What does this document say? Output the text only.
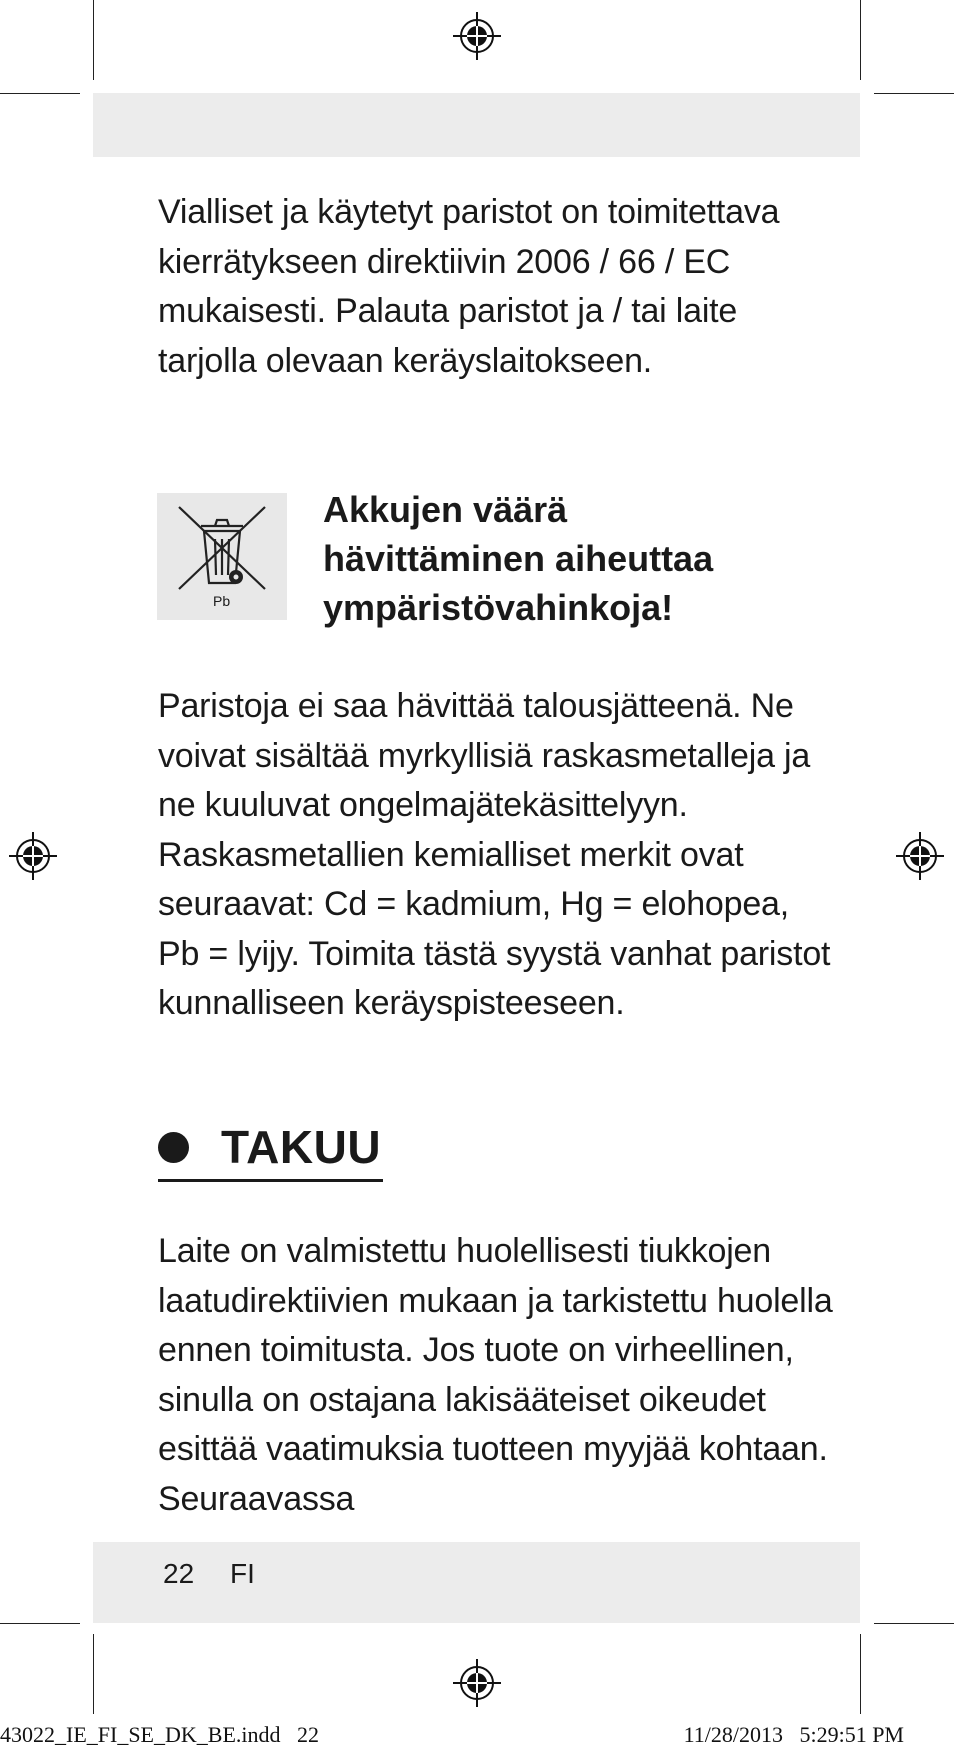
Vialliset ja käytetyt paristot on toimitettava kierrätykseen direktiivin 2006 / 66 / EC mukaisesti. Palauta paristot ja / tai laite tarjolla olevaan keräyslaitokseen.

Pb
Akkujen väärä
hävittäminen aiheuttaa
ympäristövahinkoja!

Paristoja ei saa hävittää talousjätteenä. Ne voivat sisältää myrkyllisiä raskasmetalleja ja ne kuuluvat ongelmajätekäsittelyyn. Raskasmetallien kemialliset merkit ovat seuraavat: Cd = kadmium, Hg = elohopea, Pb = lyijy. Toimita tästä syystä vanhat paristot kunnalliseen keräyspisteeseen.

TAKUU

Laite on valmistettu huolellisesti tiukkojen laatudirektiivien mukaan ja tarkistettu huolella ennen toimitusta. Jos tuote on virheellinen, sinulla on ostajana lakisääteiset oikeudet esittää vaatimuksia tuotteen myyjää kohtaan. Seuraavassa

22 FI
43022_IE_FI_SE_DK_BE.indd   22	11/28/2013   5:29:51 PM
